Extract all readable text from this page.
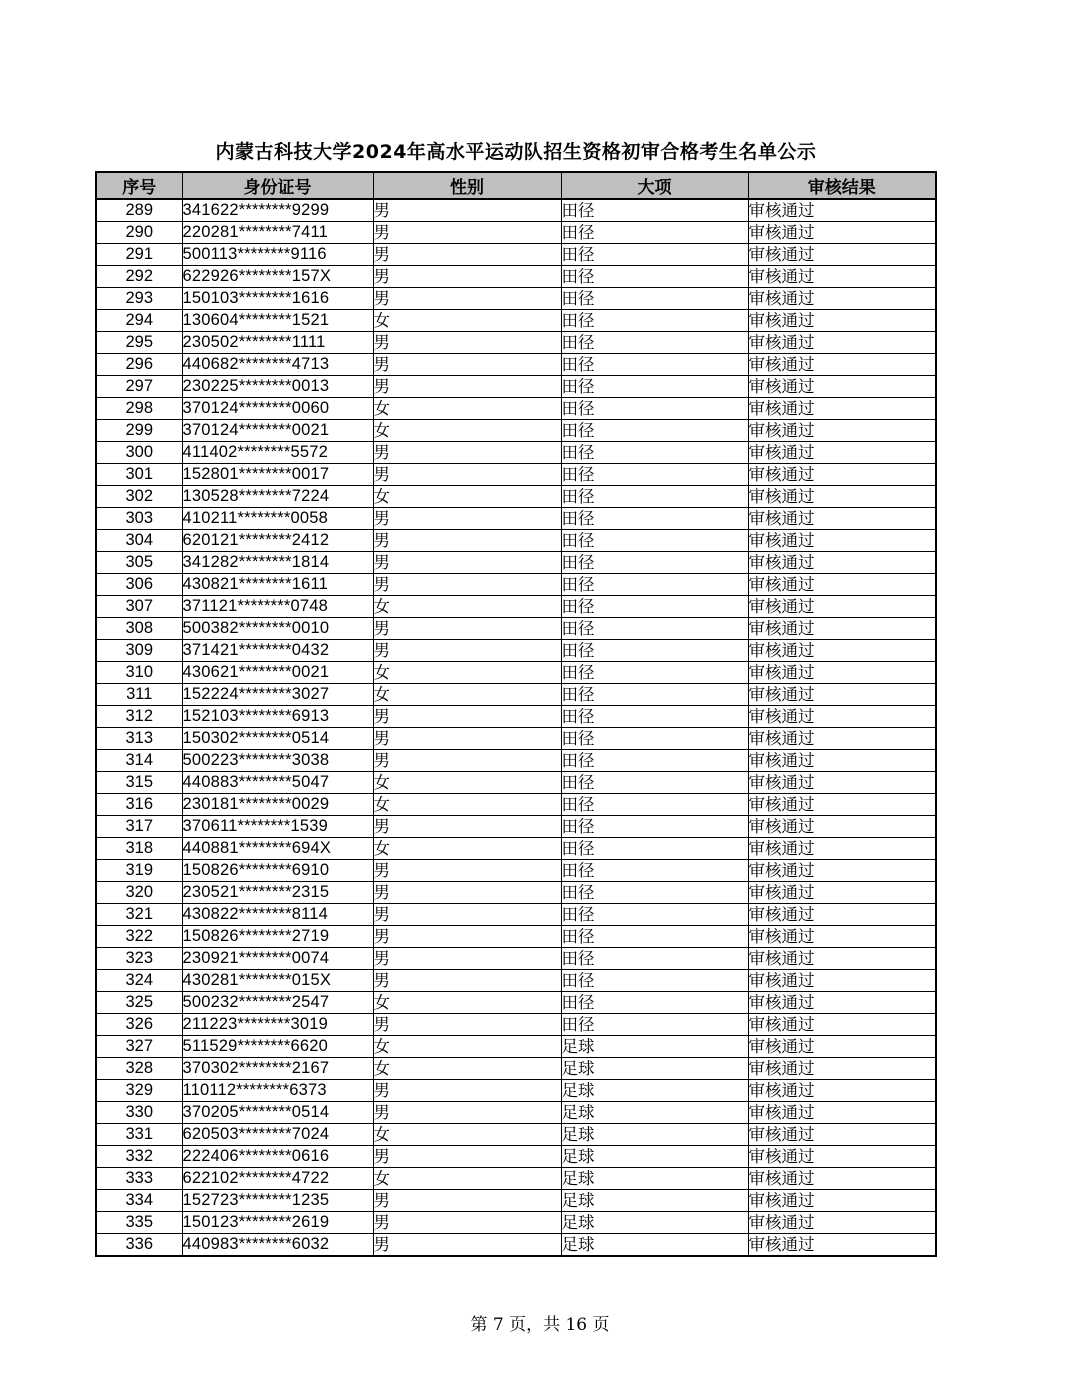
内蒙古科技大学2024年高水平运动队招生资格初审合格考生名单公示
序号	身份证号	性别	大项	审核结果
289	341622********9299	男	田径	审核通过
290	220281********7411	男	田径	审核通过
291	500113********9116	男	田径	审核通过
292	622926********157X	男	田径	审核通过
293	150103********1616	男	田径	审核通过
294	130604********1521	女	田径	审核通过
295	230502********1111	男	田径	审核通过
296	440682********4713	男	田径	审核通过
297	230225********0013	男	田径	审核通过
298	370124********0060	女	田径	审核通过
299	370124********0021	女	田径	审核通过
300	411402********5572	男	田径	审核通过
301	152801********0017	男	田径	审核通过
302	130528********7224	女	田径	审核通过
303	410211********0058	男	田径	审核通过
304	620121********2412	男	田径	审核通过
305	341282********1814	男	田径	审核通过
306	430821********1611	男	田径	审核通过
307	371121********0748	女	田径	审核通过
308	500382********0010	男	田径	审核通过
309	371421********0432	男	田径	审核通过
310	430621********0021	女	田径	审核通过
311	152224********3027	女	田径	审核通过
312	152103********6913	男	田径	审核通过
313	150302********0514	男	田径	审核通过
314	500223********3038	男	田径	审核通过
315	440883********5047	女	田径	审核通过
316	230181********0029	女	田径	审核通过
317	370611********1539	男	田径	审核通过
318	440881********694X	女	田径	审核通过
319	150826********6910	男	田径	审核通过
320	230521********2315	男	田径	审核通过
321	430822********8114	男	田径	审核通过
322	150826********2719	男	田径	审核通过
323	230921********0074	男	田径	审核通过
324	430281********015X	男	田径	审核通过
325	500232********2547	女	田径	审核通过
326	211223********3019	男	田径	审核通过
327	511529********6620	女	足球	审核通过
328	370302********2167	女	足球	审核通过
329	110112********6373	男	足球	审核通过
330	370205********0514	男	足球	审核通过
331	620503********7024	女	足球	审核通过
332	222406********0616	男	足球	审核通过
333	622102********4722	女	足球	审核通过
334	152723********1235	男	足球	审核通过
335	150123********2619	男	足球	审核通过
336	440983********6032	男	足球	审核通过
第 7 页，共 16 页
